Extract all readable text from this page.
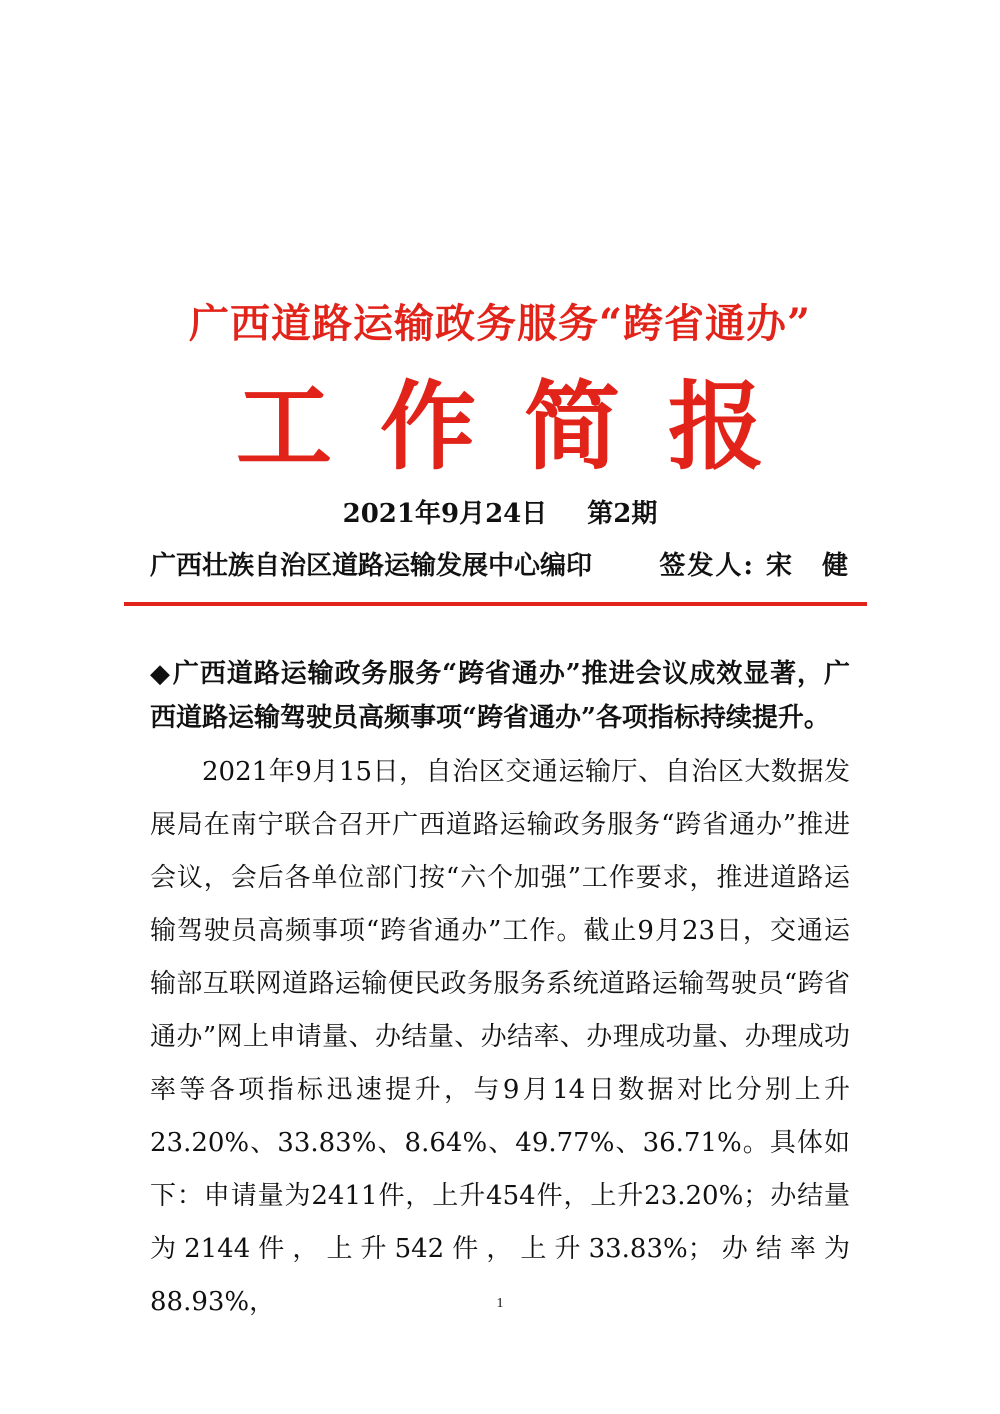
广西道路运输政务服务“跨省通办”
工作简报
2021年9月24日 第2期
广西壮族自治区道路运输发展中心编印	签发人: 宋　健
◆广西道路运输政务服务“跨省通办”推进会议成效显著，广西道路运输驾驶员高频事项“跨省通办”各项指标持续提升。

2021年9月15日，自治区交通运输厅、自治区大数据发展局在南宁联合召开广西道路运输政务服务“跨省通办”推进会议，会后各单位部门按“六个加强”工作要求，推进道路运输驾驶员高频事项“跨省通办”工作。截止9月23日，交通运输部互联网道路运输便民政务服务系统道路运输驾驶员“跨省通办”网上申请量、办结量、办结率、办理成功量、办理成功率等各项指标迅速提升，与9月14日数据对比分别上升23.20%、33.83%、8.64%、49.77%、36.71%。具体如下：申请量为2411件，上升454件，上升23.20%；办结量为2144件，上升542件，上升33.83%；办结率为88.93%，	1
